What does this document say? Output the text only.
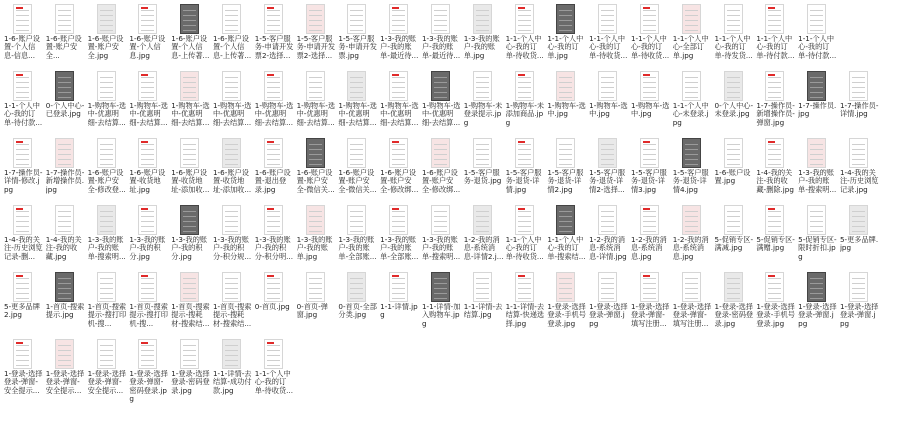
1-6-账户设置-个人信息-信息...
1-6-账户设置-账户安全...
1-6-账户设置-账户安全.jpg
1-6-账户设置-个人信息.jpg
1-6-账户设置-个人信息-上传著...
1-6-账户设置-个人信息-上传著...
1-5-客户服务-申请开发票2-选择...
1-5-客户服务-申请开发票2-选择...
1-5-客户服务-申请开发票.jpg
1-3-我的账户-我的账单-最近待...
1-3-我的账户-我的账单-最近待...
1-3-我的账户-我的账单.jpg
1-1-个人中心-我的订单-待收货...
1-1-个人中心-我的订单.jpg
1-1-个人中心-我的订单-待收货...
1-1-个人中心-我的订单-待收货...
1-1-个人中心-全部订单.jpg
1-1-个人中心-我的订单-待发货...
1-1-个人中心-我的订单-待付款...
1-1-个人中心-我的订单-待付款...
1-1-个人中心-我的订单-待付款...
0-个人中心-已登录.jpg
1-购物车-选中-优惠明细-去结算...
1-购物车-选中-优惠明细-去结算...
1-购物车-选中-优惠明细-去结算...
1-购物车-选中-优惠明细-去结算...
1-购物车-选中-优惠明细-去结算...
1-购物车-选中-优惠明细-去结算...
1-购物车-选中-优惠明细-去结算...
1-购物车-选中-优惠明细-去结算...
1-购物车-选中-优惠明细-去结算...
1-购物车-未登录提示.jpg
1-购物车-未添加商品.jpg
1-购物车-选中.jpg
1-购物车-选中.jpg
1-购物车-选中.jpg
1-1-个人中心-未登录.jpg
0-个人中心-未登录.jpg
1-7-操作员-新增操作员-弹窗.jpg
1-7-操作员.jpg
1-7-操作员-详情.jpg
1-7-操作员-详情-修改.jpg
1-7-操作员-新增操作员.jpg
1-6-账户设置-账户安全-修改登...
1-6-账户设置-收货地址.jpg
1-6-账户设置-收货地址-添加收...
1-6-账户设置-收货地址-添加收...
1-6-账户设置-退出登录.jpg
1-6-账户设置-账户安全-微信关...
1-6-账户设置-账户安全-微信关...
1-6-账户设置-账户安全-修改绑...
1-6-账户设置-账户安全-修改绑...
1-5-客户服务-退货.jpg
1-5-客户服务-退货-详情.jpg
1-5-客户服务-退货-详情2.jpg
1-5-客户服务-退货-详情2-选择...
1-5-客户服务-退货-详情3.jpg
1-5-客户服务-退货-详情4.jpg
1-6-账户设置.jpg
1-4-我的关注-我的收藏-删除.jpg
1-3-我的账户-我的账单-搜索明...
1-4-我的关注-历史浏览记录.jpg
1-4-我的关注-历史浏览记录-删...
1-4-我的关注-我的收藏.jpg
1-3-我的账户-我的账单-搜索明...
1-3-我的账户-我的积分.jpg
1-3-我的账户-我的积分.jpg
1-3-我的账户-我的积分-积分规...
1-3-我的账户-我的积分-积分明...
1-3-我的账户-我的账单.jpg
1-3-我的账户-我的账单-全部账...
1-3-我的账户-我的账单-全部账...
1-3-我的账户-我的账单-搜索明...
1-2-我的消息-系统消息-详情2.j...
1-1-个人中心-我的订单-待收货...
1-1-个人中心-我的订单-搜索结...
1-2-我的消息-系统消息-详情.jpg
1-2-我的消息-系统消息.jpg
1-2-我的消息-系统消息.jpg
5-促销专区-满减.jpg
5-促销专区-满赠.jpg
5-促销专区-限时折扣.jpg
5-更多品牌.jpg
5-更多品牌2.jpg
1-首页-搜索提示.jpg
1-首页-搜索提示-搜打印机-搜...
1-首页-搜索提示-搜打印机-搜...
1-首页-搜索提示-搜耗材-搜索结...
1-首页-搜索提示-搜耗材-搜索结...
0-首页.jpg 0-首页-弹窗.jpg
0-首页-全部分类.jpg
1-1-详情.jpg
1-1-详情-加入购物车.jpg
1-1-详情-去结算.jpg
1-1-详情-去结算-快递选择.jpg
1-登录-选择登录-手机号登录.jpg
1-登录-选择登录-弹窗.jpg
1-登录-选择登录-弹窗-填写注册...
1-登录-选择登录-弹窗-填写注册...
1-登录-选择登录-密码登录.jpg
1-登录-选择登录-手机号登录.jpg
1-登录-选择登录-弹窗.jpg
1-登录-选择登录-弹窗.jpg
1-登录-选择登录-弹窗-安全提示...
1-登录-选择登录-弹窗-安全提示...
1-登录-选择登录-弹窗-安全提示...
1-登录-选择登录-弹窗-密码登录.jpg
1-登录-选择登录-密码登录.jpg
1-1-详情-去结算-成功付款.jpg
1-1-个人中心-我的订单-待收货...
